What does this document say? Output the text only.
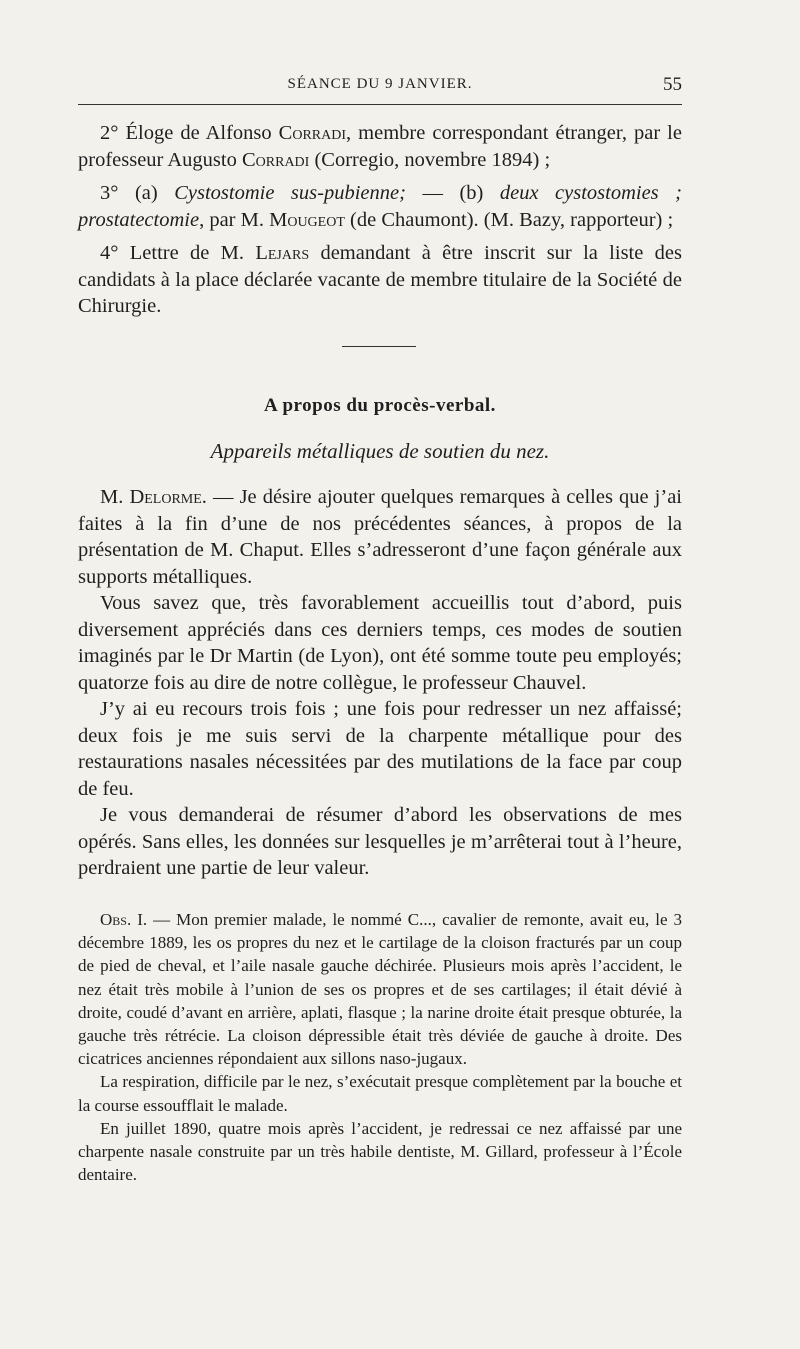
SÉANCE DU 9 JANVIER.	55

2° Éloge de Alfonso Corradi, membre correspondant étranger, par le professeur Augusto Corradi (Corregio, novembre 1894) ;

3° (a) Cystostomie sus-pubienne; — (b) deux cystostomies ; prostatectomie, par M. Mougeot (de Chaumont). (M. Bazy, rapporteur) ;

4° Lettre de M. Lejars demandant à être inscrit sur la liste des candidats à la place déclarée vacante de membre titulaire de la Société de Chirurgie.

A propos du procès-verbal.
Appareils métalliques de soutien du nez.

M. Delorme. — Je désire ajouter quelques remarques à celles que j’ai faites à la fin d’une de nos précédentes séances, à propos de la présentation de M. Chaput. Elles s’adresseront d’une façon générale aux supports métalliques.

Vous savez que, très favorablement accueillis tout d’abord, puis diversement appréciés dans ces derniers temps, ces modes de soutien imaginés par le Dr Martin (de Lyon), ont été somme toute peu employés; quatorze fois au dire de notre collègue, le professeur Chauvel.

J’y ai eu recours trois fois ; une fois pour redresser un nez affaissé; deux fois je me suis servi de la charpente métallique pour des restaurations nasales nécessitées par des mutilations de la face par coup de feu.

Je vous demanderai de résumer d’abord les observations de mes opérés. Sans elles, les données sur lesquelles je m’arrêterai tout à l’heure, perdraient une partie de leur valeur.

Obs. I. — Mon premier malade, le nommé C..., cavalier de remonte, avait eu, le 3 décembre 1889, les os propres du nez et le cartilage de la cloison fracturés par un coup de pied de cheval, et l’aile nasale gauche déchirée. Plusieurs mois après l’accident, le nez était très mobile à l’union de ses os propres et de ses cartilages; il était dévié à droite, coudé d’avant en arrière, aplati, flasque ; la narine droite était presque obturée, la gauche très rétrécie. La cloison dépressible était très déviée de gauche à droite. Des cicatrices anciennes répondaient aux sillons naso-jugaux.

La respiration, difficile par le nez, s’exécutait presque complètement par la bouche et la course essoufflait le malade.

En juillet 1890, quatre mois après l’accident, je redressai ce nez affaissé par une charpente nasale construite par un très habile dentiste, M. Gillard, professeur à l’École dentaire.
